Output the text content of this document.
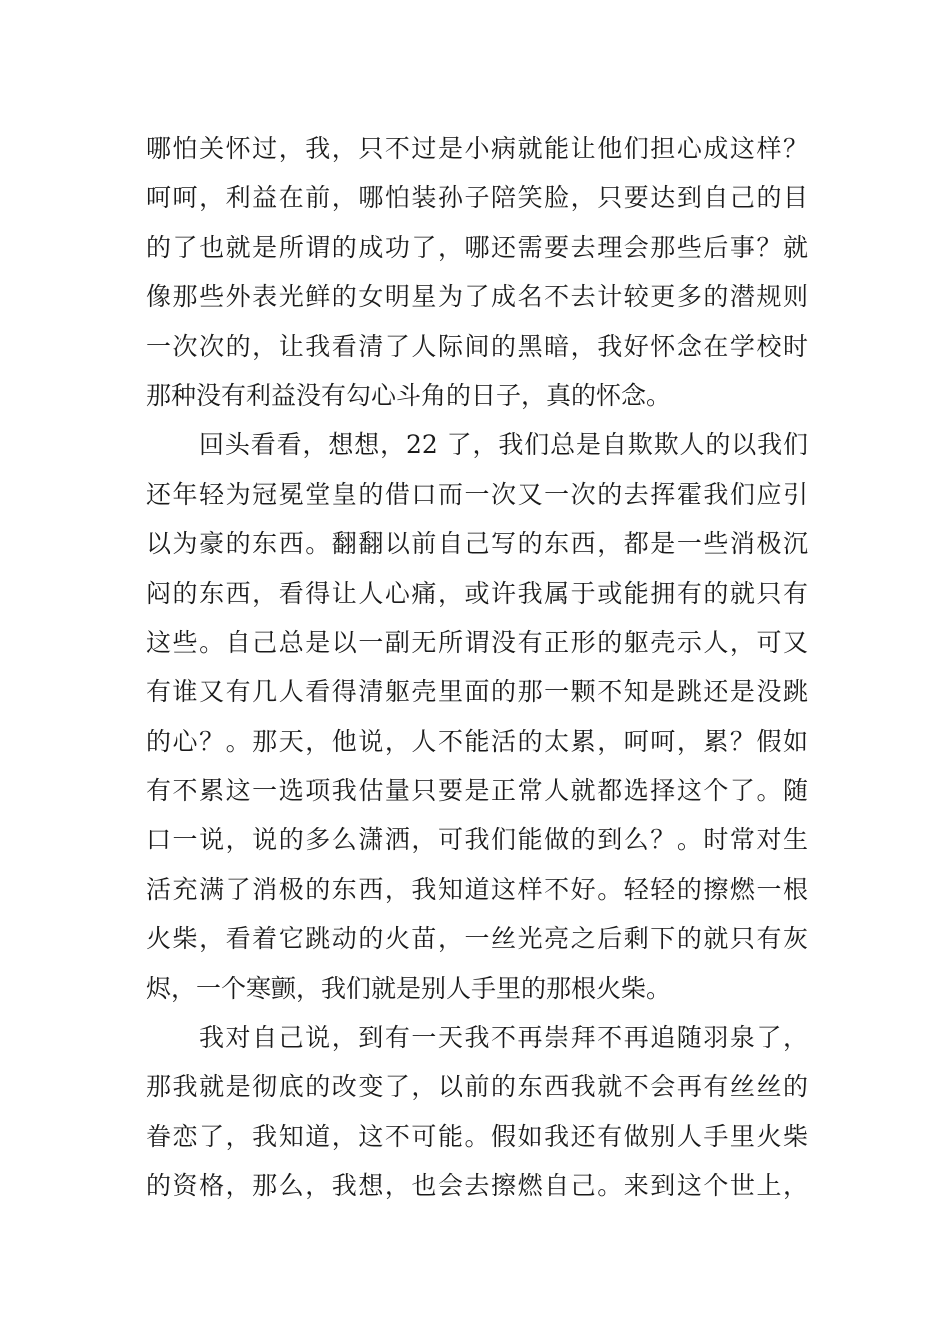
哪怕关怀过，我，只不过是小病就能让他们担心成这样？
呵呵，利益在前，哪怕装孙子陪笑脸，只要达到自己的目
的了也就是所谓的成功了，哪还需要去理会那些后事？就
像那些外表光鲜的女明星为了成名不去计较更多的潜规则
一次次的，让我看清了人际间的黑暗，我好怀念在学校时
那种没有利益没有勾心斗角的日子，真的怀念。
回头看看，想想，22 了，我们总是自欺欺人的以我们
还年轻为冠冕堂皇的借口而一次又一次的去挥霍我们应引
以为豪的东西。翻翻以前自己写的东西，都是一些消极沉
闷的东西，看得让人心痛，或许我属于或能拥有的就只有
这些。自己总是以一副无所谓没有正形的躯壳示人，可又
有谁又有几人看得清躯壳里面的那一颗不知是跳还是没跳
的心？。那天，他说，人不能活的太累，呵呵，累？假如
有不累这一选项我估量只要是正常人就都选择这个了。随
口一说，说的多么潇洒，可我们能做的到么？。时常对生
活充满了消极的东西，我知道这样不好。轻轻的擦燃一根
火柴，看着它跳动的火苗，一丝光亮之后剩下的就只有灰
烬，一个寒颤，我们就是别人手里的那根火柴。
我对自己说，到有一天我不再崇拜不再追随羽泉了，
那我就是彻底的改变了，以前的东西我就不会再有丝丝的
眷恋了，我知道，这不可能。假如我还有做别人手里火柴
的资格，那么，我想，也会去擦燃自己。来到这个世上，
